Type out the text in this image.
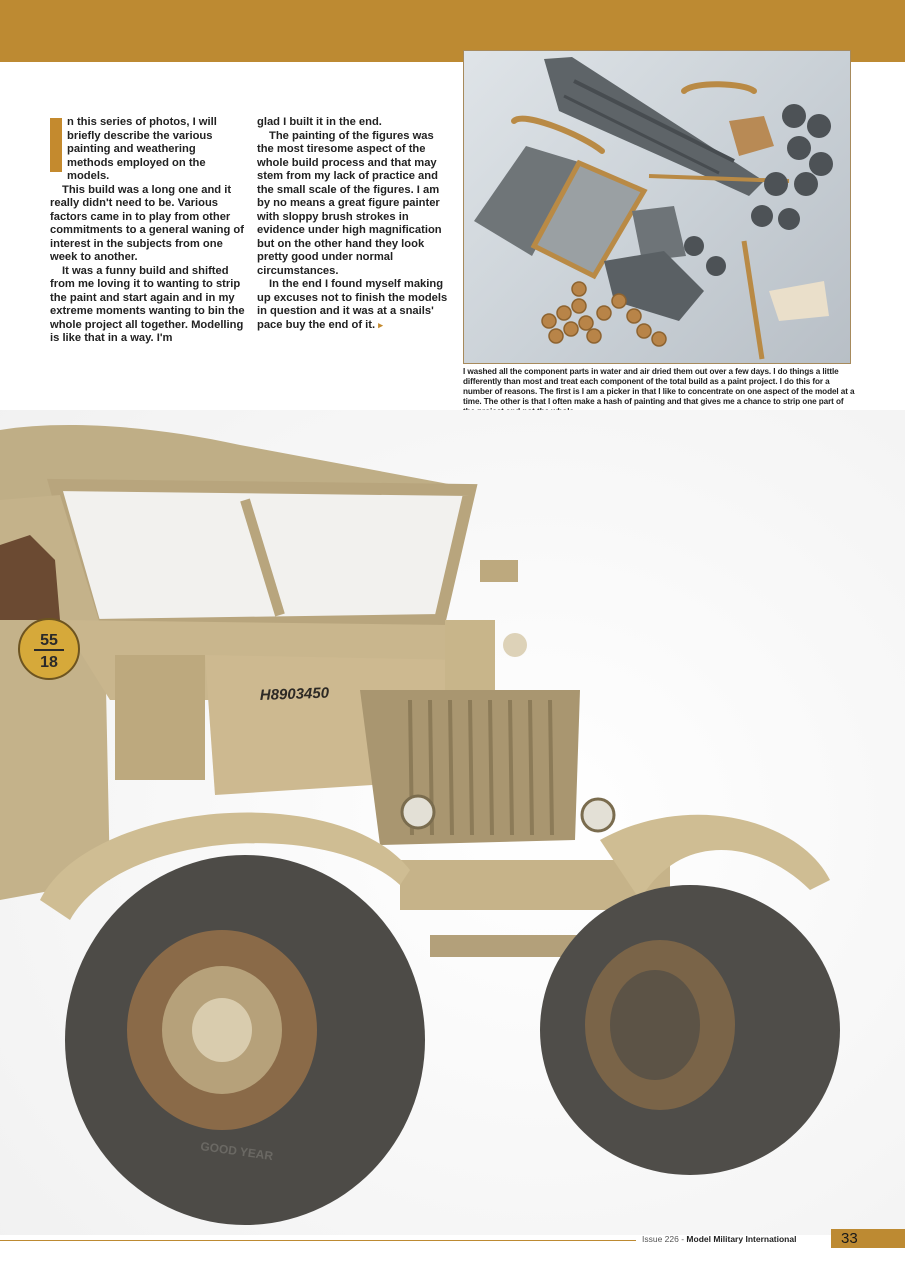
n this series of photos, I will briefly describe the various painting and weathering methods employed on the models.

This build was a long one and it really didn't need to be. Various factors came in to play from other commitments to a general waning of interest in the subjects from one week to another.

It was a funny build and shifted from me loving it to wanting to strip the paint and start again and in my extreme moments wanting to bin the whole project all together. Modelling is like that in a way. I'm

glad I built it in the end.

The painting of the figures was the most tiresome aspect of the whole build process and that may stem from my lack of practice and the small scale of the figures. I am by no means a great figure painter with sloppy brush strokes in evidence under high magnification but on the other hand they look pretty good under normal circumstances.

In the end I found myself making up excuses not to finish the models in question and it was at a snails' pace buy the end of it. ▸

I washed all the component parts in water and air dried them out over a few days. I do things a little differently than most and treat each component of the total build as a paint project. I do this for a number of reasons. The first is I am a picker in that I like to concentrate on one aspect of the model at a time. The other is that I often make a hash of painting and that gives me a chance to strip one part of
55
18
H8903450
GOOD YEAR
Issue 226 - Model Military International	33
